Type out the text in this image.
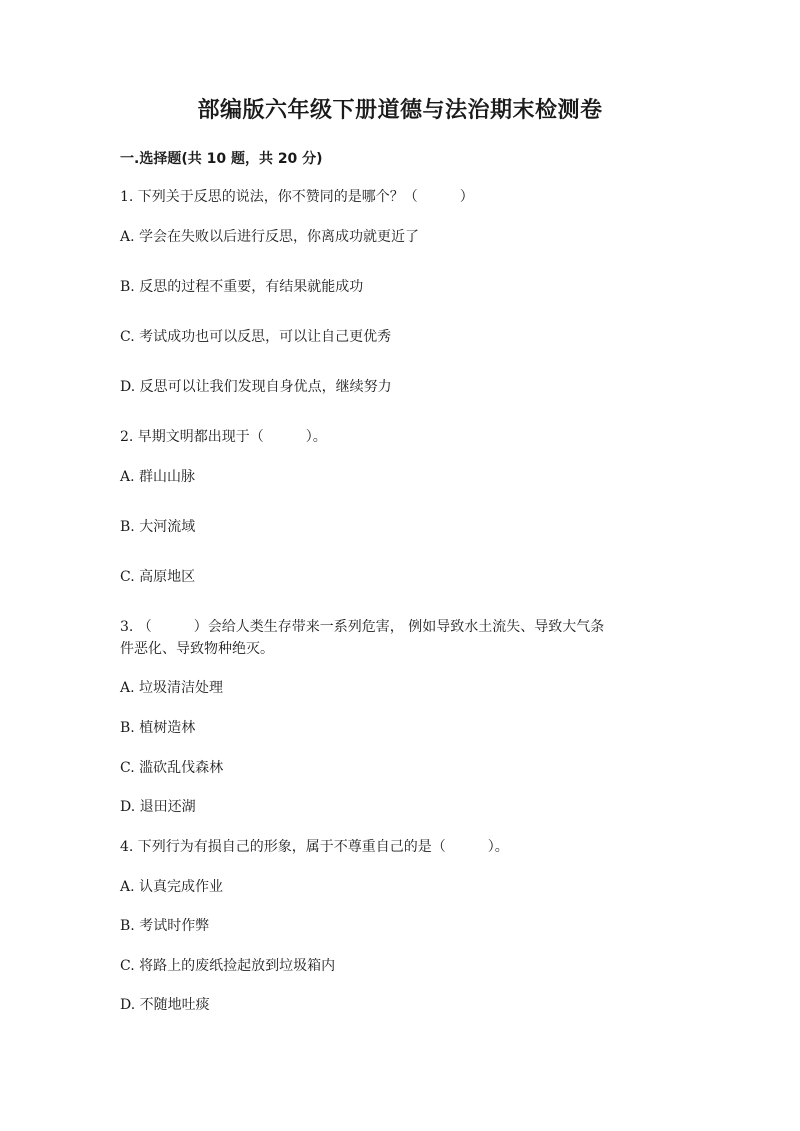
部编版六年级下册道德与法治期末检测卷
一.选择题(共 10 题，共 20 分)
1. 下列关于反思的说法，你不赞同的是哪个？（　　　）
A. 学会在失败以后进行反思，你离成功就更近了
B. 反思的过程不重要，有结果就能成功
C. 考试成功也可以反思，可以让自己更优秀
D. 反思可以让我们发现自身优点，继续努力
2. 早期文明都出现于（　　　）。
A. 群山山脉
B. 大河流域
C. 高原地区
3. （　　　）会给人类生存带来一系列危害， 例如导致水土流失、导致大气条
件恶化、导致物种绝灭。
A. 垃圾清洁处理
B. 植树造林
C. 滥砍乱伐森林
D. 退田还湖
4. 下列行为有损自己的形象，属于不尊重自己的是（　　　）。
A. 认真完成作业
B. 考试时作弊
C. 将路上的废纸捡起放到垃圾箱内
D. 不随地吐痰
